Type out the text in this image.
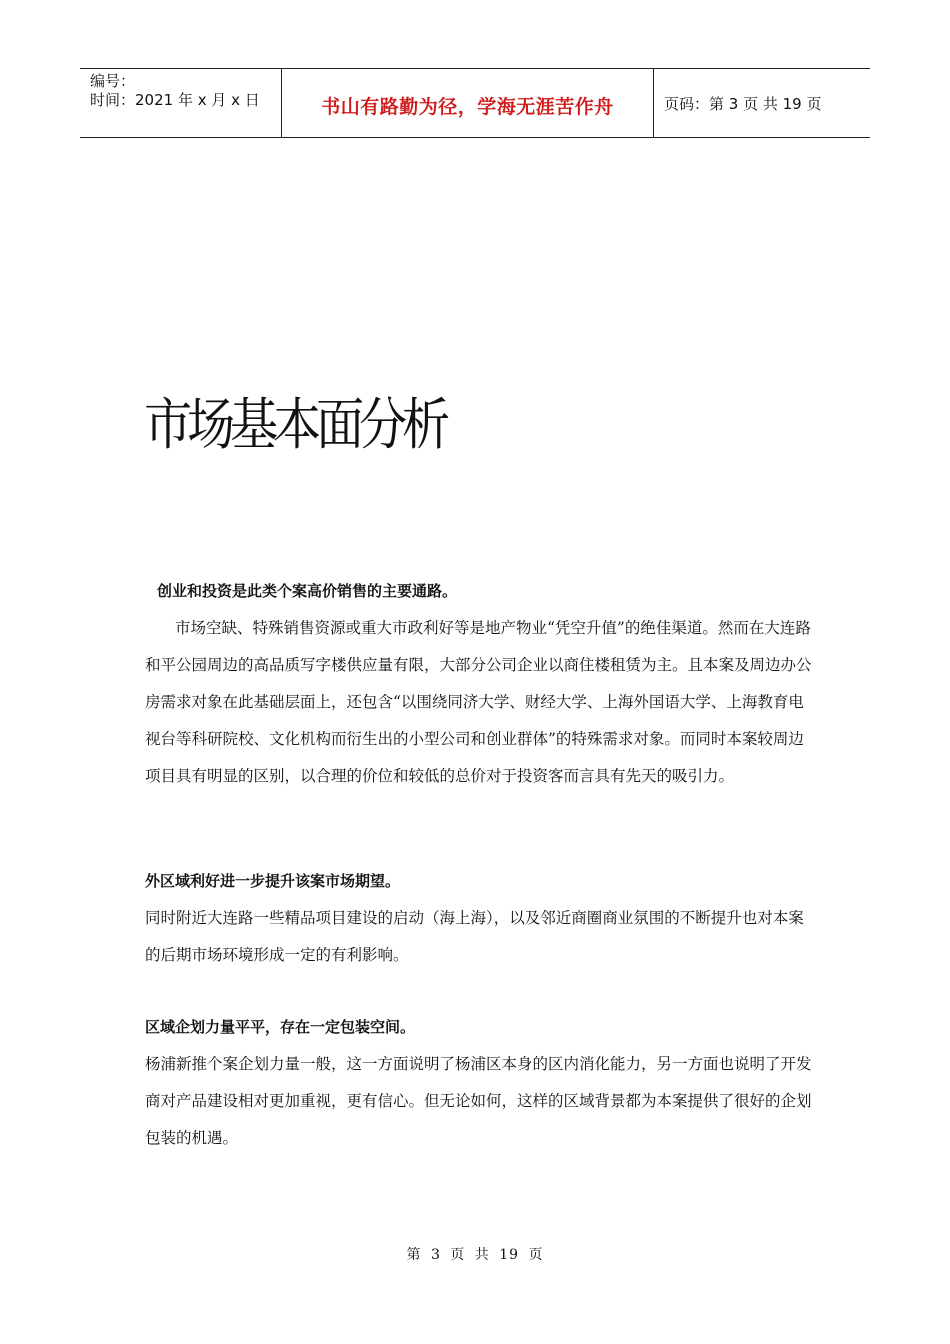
编号：
时间：2021 年 x 月 x 日	书山有路勤为径，学海无涯苦作舟	页码：第 3 页 共 19 页
市场基本面分析

创业和投资是此类个案高价销售的主要通路。

市场空缺、特殊销售资源或重大市政利好等是地产物业“凭空升值”的绝佳渠道。然而在大连路和平公园周边的高品质写字楼供应量有限，大部分公司企业以商住楼租赁为主。且本案及周边办公房需求对象在此基础层面上，还包含“以围绕同济大学、财经大学、上海外国语大学、上海教育电视台等科研院校、文化机构而衍生出的小型公司和创业群体”的特殊需求对象。而同时本案较周边项目具有明显的区别，以合理的价位和较低的总价对于投资客而言具有先天的吸引力。

外区域利好进一步提升该案市场期望。

同时附近大连路一些精品项目建设的启动（海上海），以及邻近商圈商业氛围的不断提升也对本案的后期市场环境形成一定的有利影响。

区域企划力量平平，存在一定包装空间。

杨浦新推个案企划力量一般，这一方面说明了杨浦区本身的区内消化能力，另一方面也说明了开发商对产品建设相对更加重视，更有信心。但无论如何，这样的区域背景都为本案提供了很好的企划包装的机遇。

第 3 页 共 19 页
